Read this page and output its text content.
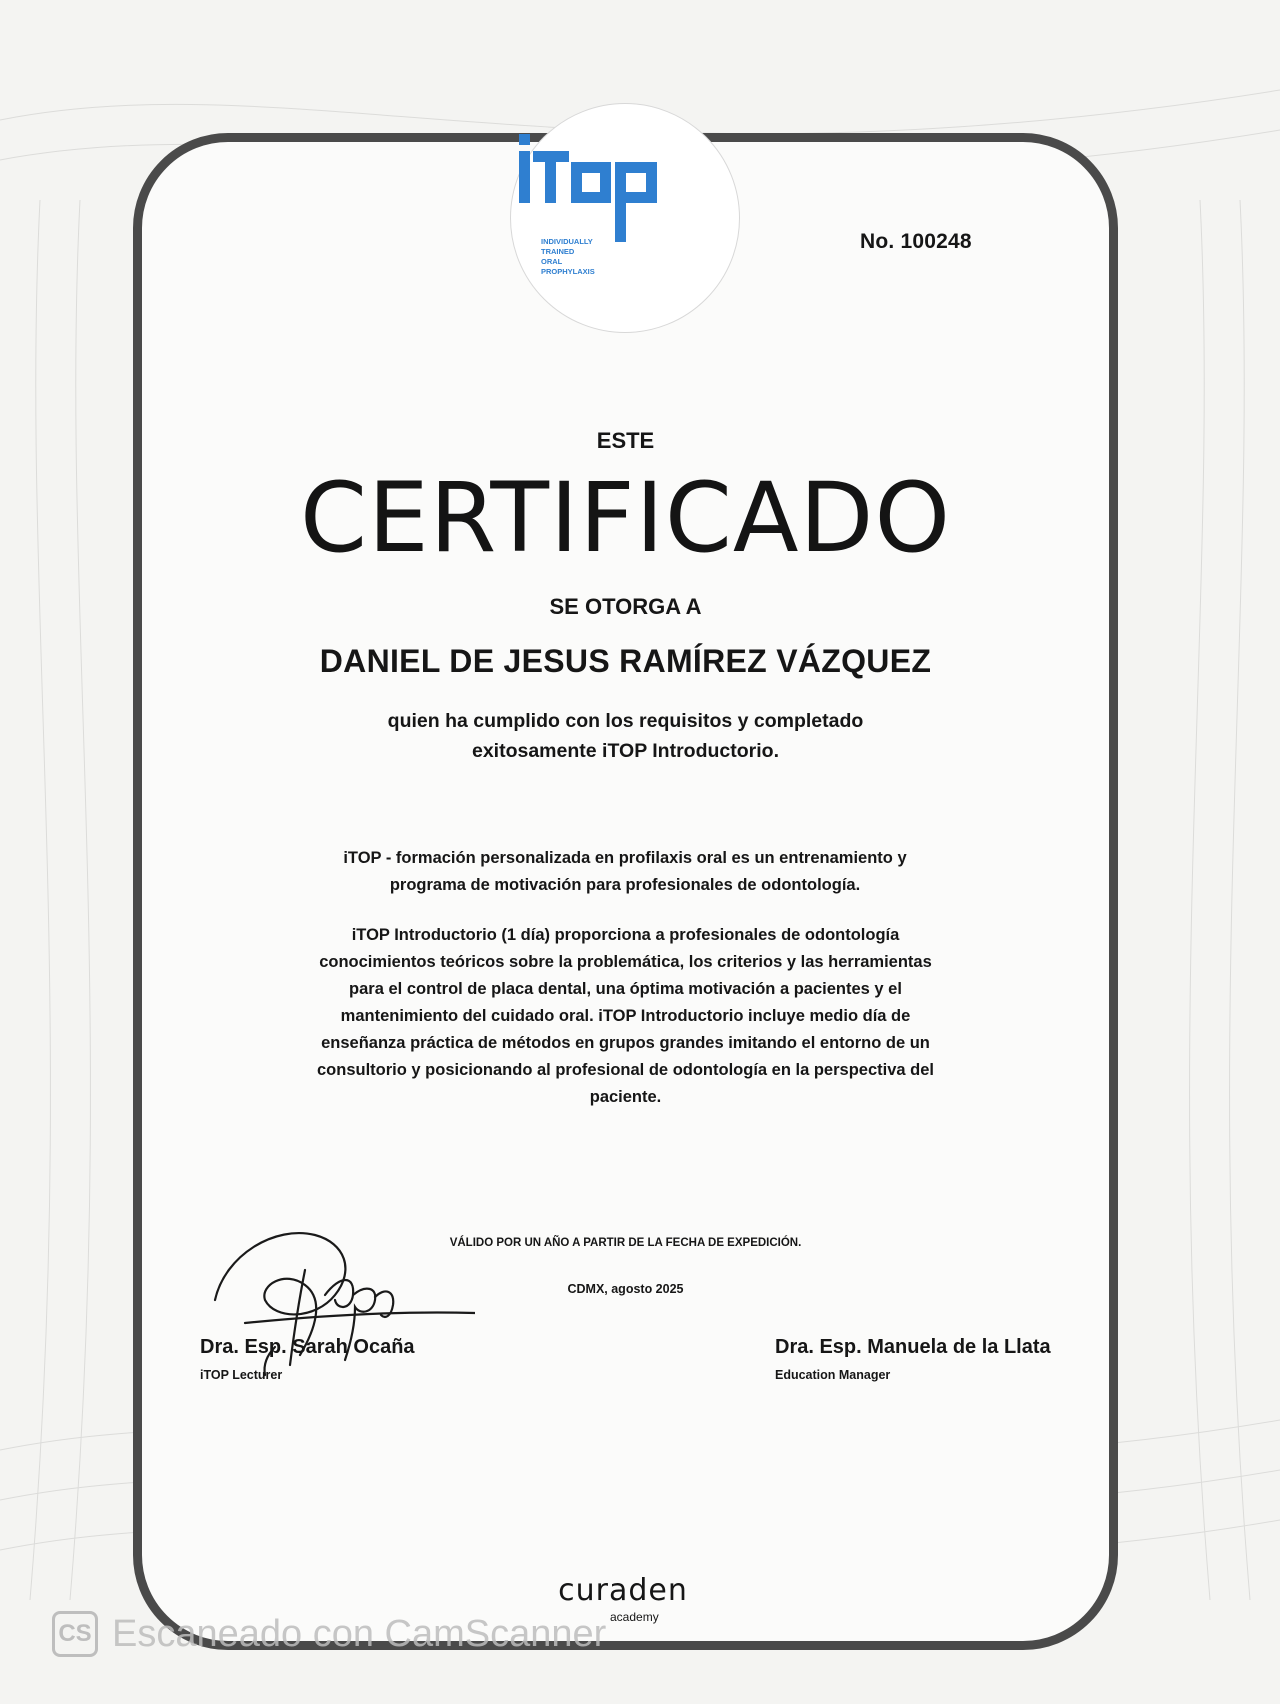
INDIVIDUALLY
TRAINED
ORAL
PROPHYLAXIS
No. 100248
ESTE
CERTIFICADO
SE OTORGA A
DANIEL DE JESUS RAMÍREZ VÁZQUEZ
quien ha cumplido con los requisitos y completado
exitosamente iTOP Introductorio.
iTOP - formación personalizada en profilaxis oral es un entrenamiento y programa de motivación para profesionales de odontología.
iTOP Introductorio (1 día) proporciona a profesionales de odontología conocimientos teóricos sobre la problemática, los criterios y las herramientas para el control de placa dental, una óptima motivación a pacientes y el mantenimiento del cuidado oral. iTOP Introductorio incluye medio día de enseñanza práctica de métodos en grupos grandes imitando el entorno de un consultorio y posicionando al profesional de odontología en la perspectiva del paciente.
VÁLIDO POR UN AÑO A PARTIR DE LA FECHA DE EXPEDICIÓN.
CDMX, agosto 2025
Dra. Esp. Sarah Ocaña
iTOP Lecturer
Dra. Esp. Manuela de la Llata
Education Manager
curaden
academy
CS Escaneado con CamScanner
